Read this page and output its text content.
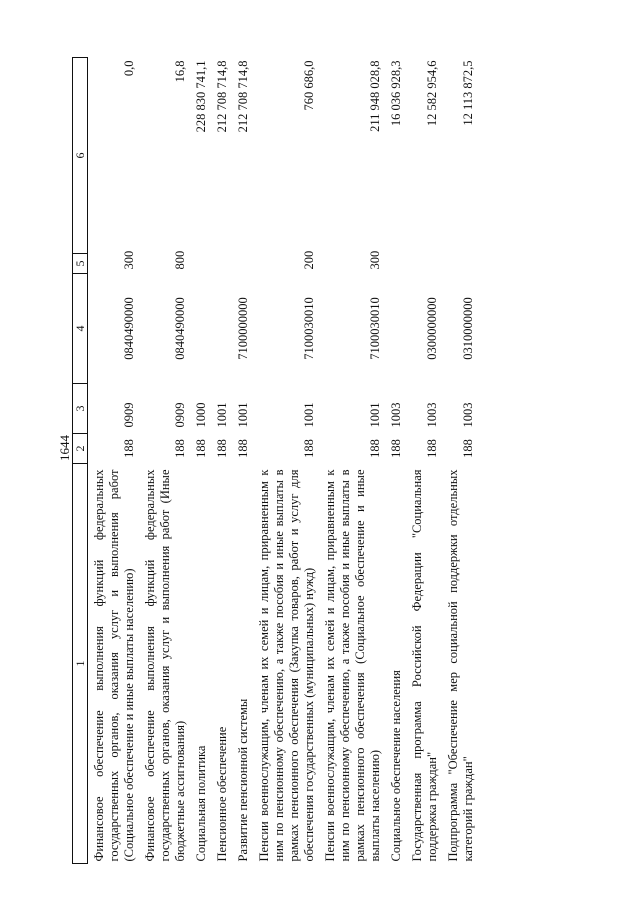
1644
1	2	3	4	5	6
Финансовое обеспечение выполнения функций федеральных государственных органов, оказания услуг и выполнения работ (Социальное обеспечение и иные выплаты населению)	188	0909	0840490000	300	0,0
Финансовое обеспечение выполнения функций федеральных государственных органов, оказания услуг и выполнения работ (Иные бюджетные ассигнования)	188	0909	0840490000	800	16,8
Социальная политика	188	1000			228 830 741,1
Пенсионное обеспечение	188	1001			212 708 714,8
Развитие пенсионной системы	188	1001	7100000000		212 708 714,8
Пенсии военнослужащим, членам их семей и лицам, приравненным к ним по пенсионному обеспечению, а также пособия и иные выплаты в рамках пенсионного обеспечения (Закупка товаров, работ и услуг для обеспечения государственных (муниципальных) нужд)	188	1001	7100030010	200	760 686,0
Пенсии военнослужащим, членам их семей и лицам, приравненным к ним по пенсионному обеспечению, а также пособия и иные выплаты в рамках пенсионного обеспечения (Социальное обеспечение и иные выплаты населению)	188	1001	7100030010	300	211 948 028,8
Социальное обеспечение населения	188	1003			16 036 928,3
Государственная программа Российской Федерации "Социальная поддержка граждан"	188	1003	0300000000		12 582 954,6
Подпрограмма "Обеспечение мер социальной поддержки отдельных категорий граждан"	188	1003	0310000000		12 113 872,5
